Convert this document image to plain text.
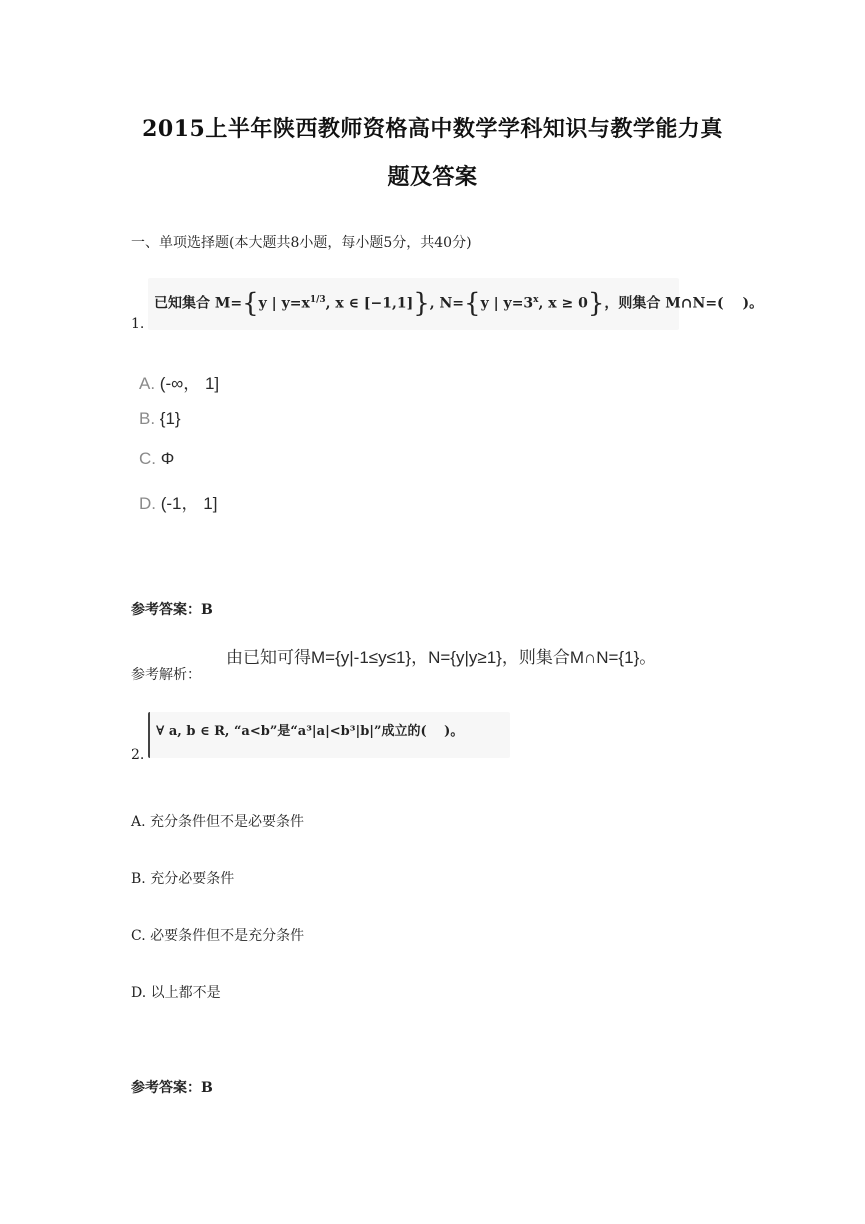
2015上半年陕西教师资格高中数学学科知识与教学能力真
题及答案
一、单项选择题(本大题共8小题，每小题5分，共40分)
1.
已知集合 M={y | $y=x^{1/3}$, x ∈ [−1,1]}, N={y | $y=3^x$, x ≥ 0}，则集合 M∩N=(　 )。
A. (-∞， 1]
B. {1}
C. Φ
D. (-1， 1]
参考答案：B
参考解析：
由已知可得M={y|-1≤y≤1}，N={y|y≥1}，则集合M∩N={1}。
2.
∀ a, b ∈ R, “a<b”是“a³|a|<b³|b|”成立的(　 )。
A. 充分条件但不是必要条件
B. 充分必要条件
C. 必要条件但不是充分条件
D. 以上都不是
参考答案：B
